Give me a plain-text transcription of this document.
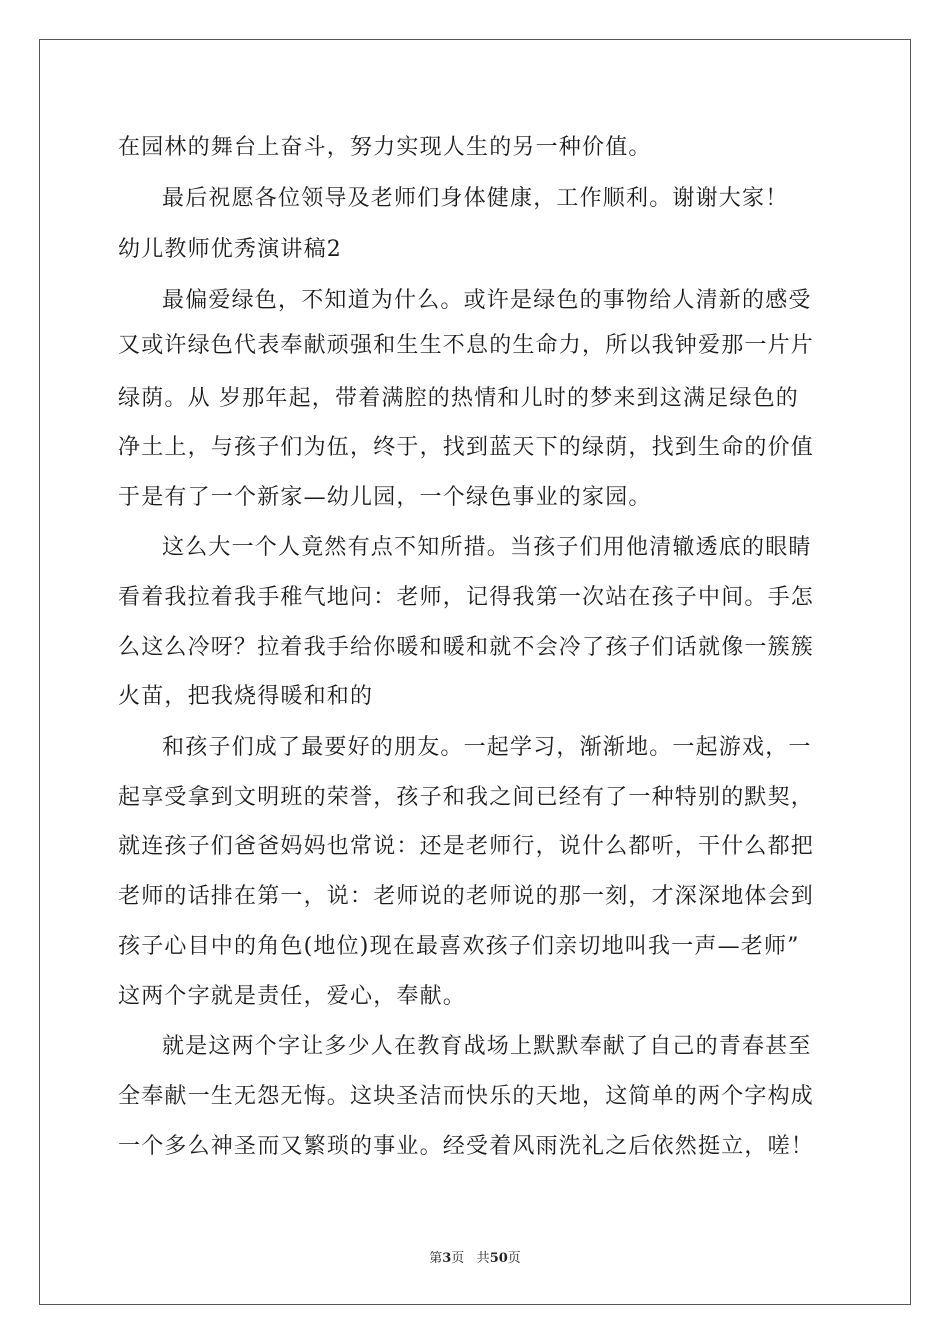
在园林的舞台上奋斗，努力实现人生的另一种价值。
最后祝愿各位领导及老师们身体健康，工作顺利。谢谢大家！
幼儿教师优秀演讲稿2
最偏爱绿色，不知道为什么。或许是绿色的事物给人清新的感受
又或许绿色代表奉献顽强和生生不息的生命力，所以我钟爱那一片片
绿荫。从 岁那年起，带着满腔的热情和儿时的梦来到这满足绿色的
净土上，与孩子们为伍，终于，找到蓝天下的绿荫，找到生命的价值
于是有了一个新家—幼儿园，一个绿色事业的家园。
这么大一个人竟然有点不知所措。当孩子们用他清辙透底的眼睛
看着我拉着我手稚气地问：老师，记得我第一次站在孩子中间。手怎
么这么冷呀？拉着我手给你暖和暖和就不会冷了孩子们话就像一簇簇
火苗，把我烧得暖和和的
和孩子们成了最要好的朋友。一起学习，渐渐地。一起游戏，一
起享受拿到文明班的荣誉，孩子和我之间已经有了一种特别的默契，
就连孩子们爸爸妈妈也常说：还是老师行，说什么都听，干什么都把
老师的话排在第一，说：老师说的老师说的那一刻，才深深地体会到
孩子心目中的角色(地位)现在最喜欢孩子们亲切地叫我一声—老师”
这两个字就是责任，爱心，奉献。
就是这两个字让多少人在教育战场上默默奉献了自己的青春甚至
全奉献一生无怨无悔。这块圣洁而快乐的天地，这简单的两个字构成
一个多么神圣而又繁琐的事业。经受着风雨洗礼之后依然挺立，嗟！
第3页 共50页
